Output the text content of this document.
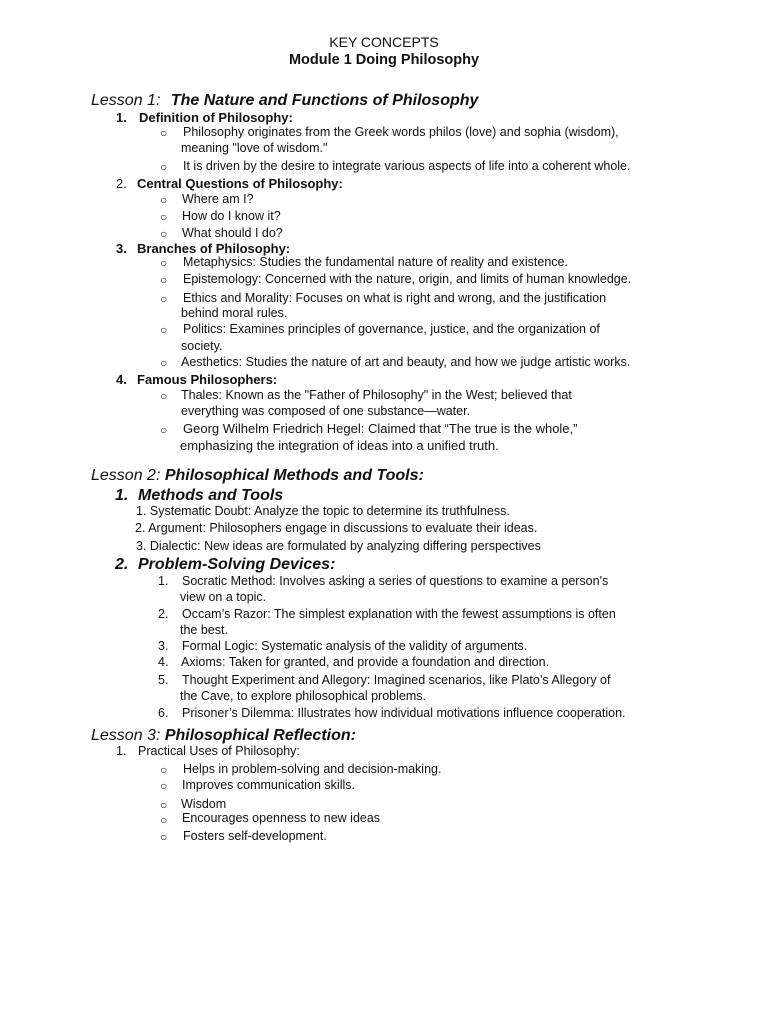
KEY CONCEPTS
Module 1 Doing Philosophy
Lesson 1: The Nature and Functions of Philosophy
1. Definition of Philosophy:
○ Philosophy originates from the Greek words philos (love) and sophia (wisdom),
meaning "love of wisdom."
○ It is driven by the desire to integrate various aspects of life into a coherent whole.
2. Central Questions of Philosophy:
○ Where am I?
○ How do I know it?
○ What should I do?
3. Branches of Philosophy:
○ Metaphysics: Studies the fundamental nature of reality and existence.
○ Epistemology: Concerned with the nature, origin, and limits of human knowledge.
○ Ethics and Morality: Focuses on what is right and wrong, and the justification
behind moral rules.
○ Politics: Examines principles of governance, justice, and the organization of
society.
○ Aesthetics: Studies the nature of art and beauty, and how we judge artistic works.
4. Famous Philosophers:
○ Thales: Known as the "Father of Philosophy" in the West; believed that
everything was composed of one substance—water.
○ Georg Wilhelm Friedrich Hegel: Claimed that “The true is the whole,”
emphasizing the integration of ideas into a unified truth.
Lesson 2: Philosophical Methods and Tools:
1. Methods and Tools
1. Systematic Doubt: Analyze the topic to determine its truthfulness.
2. Argument: Philosophers engage in discussions to evaluate their ideas.
3. Dialectic: New ideas are formulated by analyzing differing perspectives
2. Problem-Solving Devices:
1. Socratic Method: Involves asking a series of questions to examine a person's
view on a topic.
2. Occam’s Razor: The simplest explanation with the fewest assumptions is often
the best.
3. Formal Logic: Systematic analysis of the validity of arguments.
4. Axioms: Taken for granted, and provide a foundation and direction.
5. Thought Experiment and Allegory: Imagined scenarios, like Plato’s Allegory of
the Cave, to explore philosophical problems.
6. Prisoner’s Dilemma: Illustrates how individual motivations influence cooperation.
Lesson 3: Philosophical Reflection:
1. Practical Uses of Philosophy:
○ Helps in problem-solving and decision-making.
○ Improves communication skills.
○ Wisdom
○ Encourages openness to new ideas
○ Fosters self-development.
